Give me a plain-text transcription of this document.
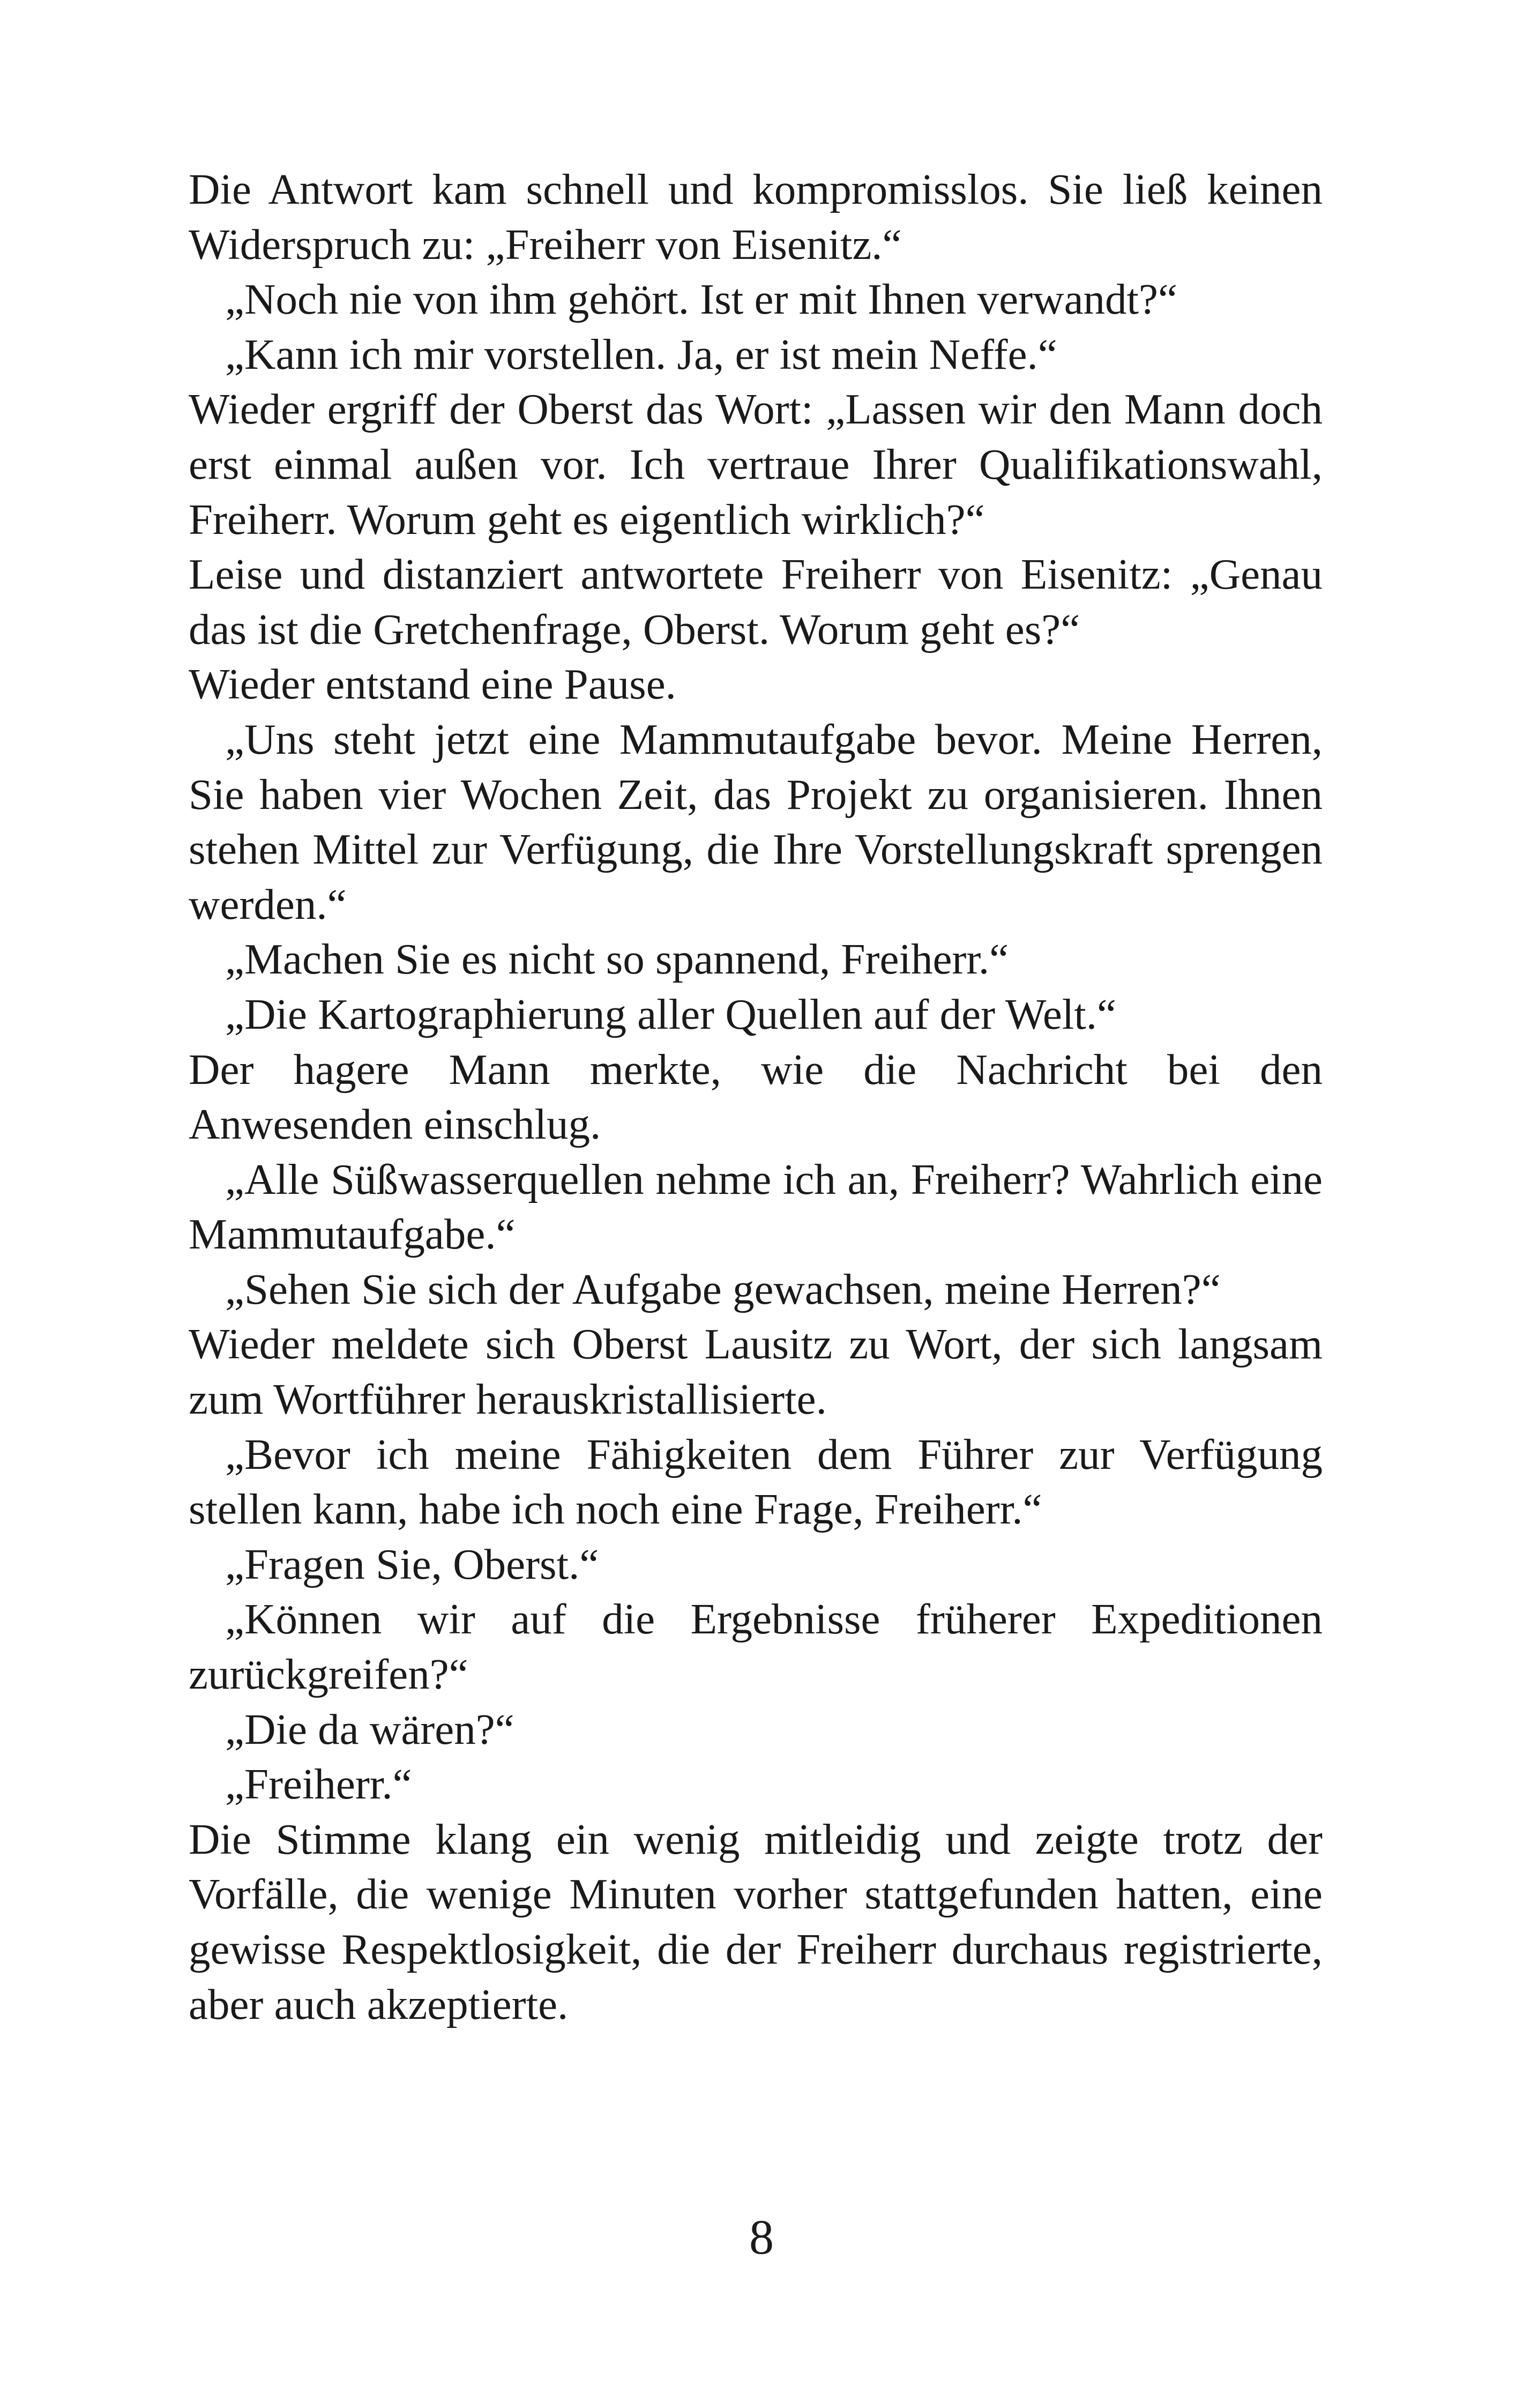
Die Antwort kam schnell und kompromisslos. Sie ließ keinen Widerspruch zu: „Freiherr von Eisenitz.“

„Noch nie von ihm gehört. Ist er mit Ihnen verwandt?“

„Kann ich mir vorstellen. Ja, er ist mein Neffe.“

Wieder ergriff der Oberst das Wort: „Lassen wir den Mann doch erst einmal außen vor. Ich vertraue Ihrer Qualifikationswahl, Freiherr. Worum geht es eigentlich wirklich?“

Leise und distanziert antwortete Freiherr von Eisenitz: „Genau das ist die Gretchenfrage, Oberst. Worum geht es?“

Wieder entstand eine Pause.

„Uns steht jetzt eine Mammutaufgabe bevor. Meine Herren, Sie haben vier Wochen Zeit, das Projekt zu organisieren. Ihnen stehen Mittel zur Verfügung, die Ihre Vorstellungskraft sprengen werden.“

„Machen Sie es nicht so spannend, Freiherr.“

„Die Kartographierung aller Quellen auf der Welt.“

Der hagere Mann merkte, wie die Nachricht bei den Anwesenden einschlug.

„Alle Süßwasserquellen nehme ich an, Freiherr? Wahrlich eine Mammutaufgabe.“

„Sehen Sie sich der Aufgabe gewachsen, meine Herren?“

Wieder meldete sich Oberst Lausitz zu Wort, der sich langsam zum Wortführer herauskristallisierte.

„Bevor ich meine Fähigkeiten dem Führer zur Verfügung stellen kann, habe ich noch eine Frage, Freiherr.“

„Fragen Sie, Oberst.“

„Können wir auf die Ergebnisse früherer Expeditionen zurückgreifen?“

„Die da wären?“

„Freiherr.“

Die Stimme klang ein wenig mitleidig und zeigte trotz der Vorfälle, die wenige Minuten vorher stattgefunden hatten, eine gewisse Respektlosigkeit, die der Freiherr durchaus registrierte, aber auch akzeptierte.

8
